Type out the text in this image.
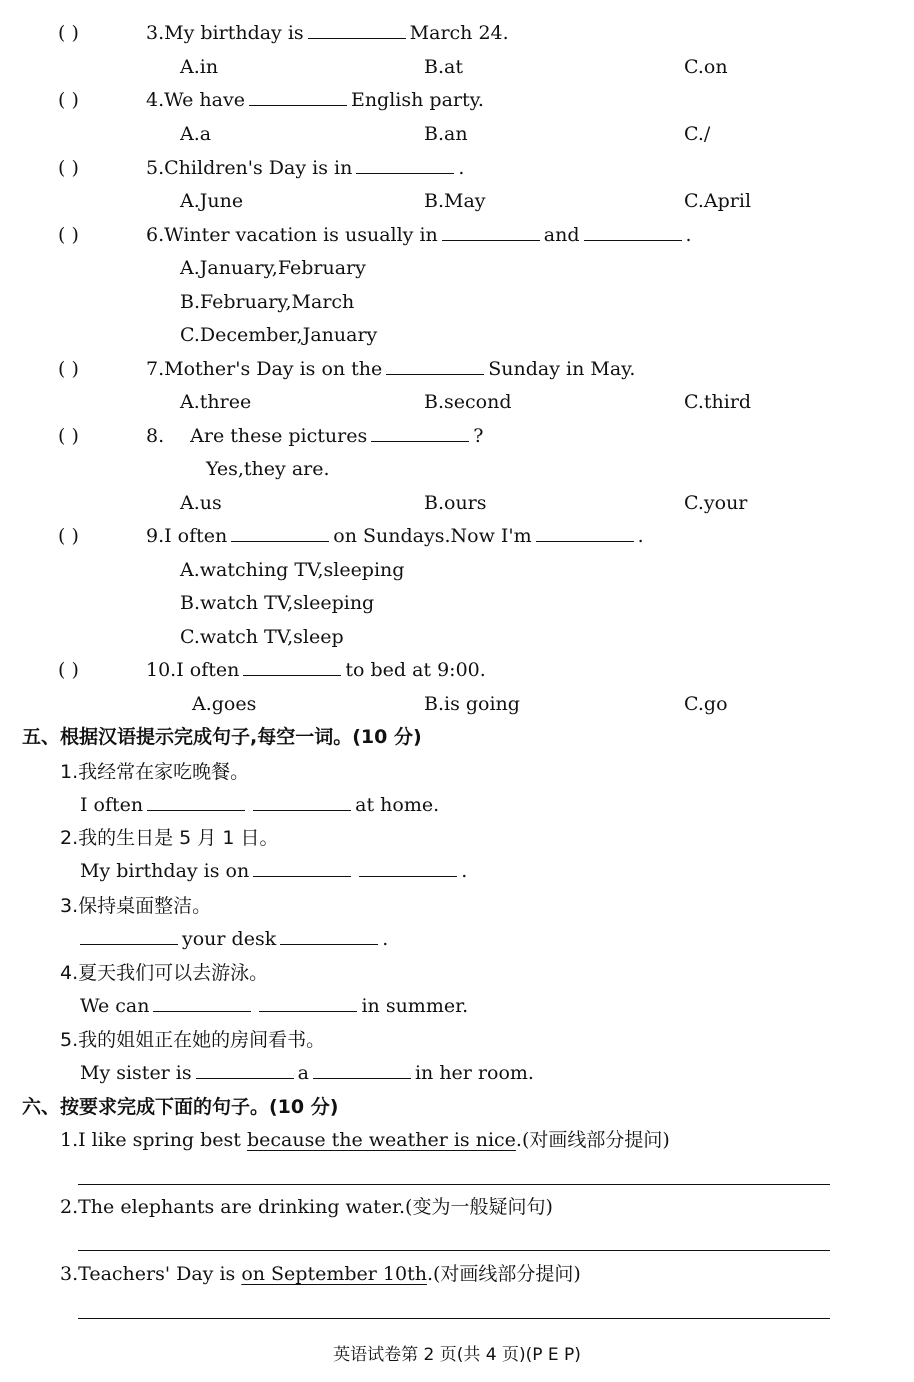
( )	3.My birthday is	March 24.
A.in	B.at	C.on
( )	4.We have	English party.
A.a	B.an	C./
( )	5.Children's Day is in	.
A.June	B.May	C.April
( )	6.Winter vacation is usually in	and	.
A.January,February
B.February,March
C.December,January
( )	7.Mother's Day is on the	Sunday in May.
A.three	B.second	C.third
( )	8. Are these pictures	?
Yes,they are.
A.us	B.ours	C.your
( )	9.I often	on Sundays.Now I'm	.
A.watching TV,sleeping
B.watch TV,sleeping
C.watch TV,sleep
( )	10.I often	to bed at 9:00.
A.goes	B.is going	C.go
五、根据汉语提示完成句子,每空一词。(10 分)
1.我经常在家吃晚餐。
I often	at home.
2.我的生日是 5 月 1 日。
My birthday is on	.
3.保持桌面整洁。
your desk	.
4.夏天我们可以去游泳。
We can	in summer.
5.我的姐姐正在她的房间看书。
My sister is	a	in her room.
六、按要求完成下面的句子。(10 分)
1.I like spring best because the weather is nice.(对画线部分提问)
2.The elephants are drinking water.(变为一般疑问句)
3.Teachers' Day is on September 10th.(对画线部分提问)
英语试卷第 2 页(共 4 页)(P E P)
